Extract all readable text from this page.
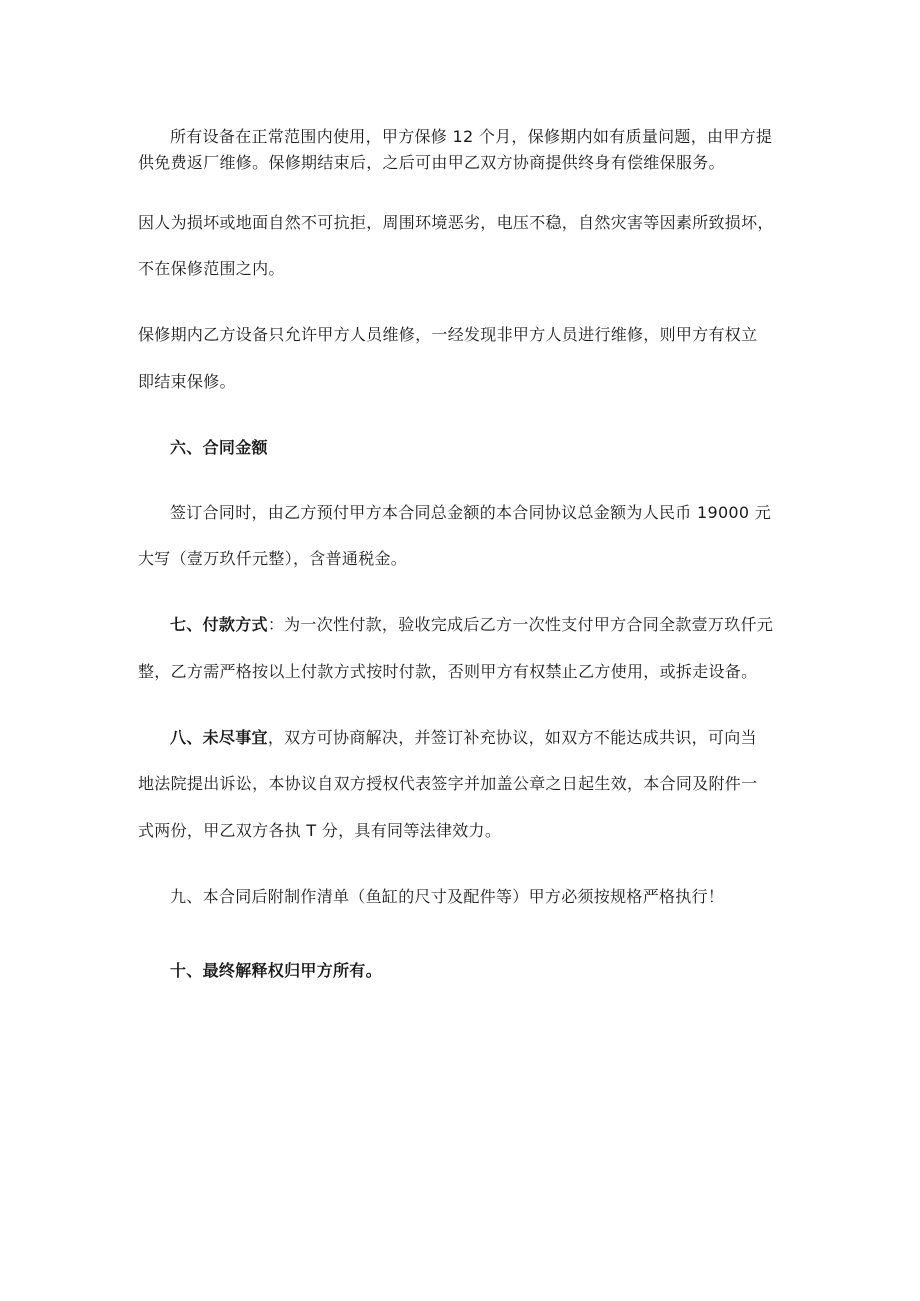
所有设备在正常范围内使用，甲方保修 12 个月，保修期内如有质量问题，由甲方提
供免费返厂维修。保修期结束后，之后可由甲乙双方协商提供终身有偿维保服务。
因人为损坏或地面自然不可抗拒，周围环境恶劣，电压不稳，自然灾害等因素所致损坏，
不在保修范围之内。
保修期内乙方设备只允许甲方人员维修，一经发现非甲方人员进行维修，则甲方有权立
即结束保修。
六、合同金额
签订合同时，由乙方预付甲方本合同总金额的本合同协议总金额为人民币 19000 元
大写（壹万玖仟元整），含普通税金。
七、付款方式：为一次性付款，验收完成后乙方一次性支付甲方合同全款壹万玖仟元
整，乙方需严格按以上付款方式按时付款，否则甲方有权禁止乙方使用，或拆走设备。
八、未尽事宜，双方可协商解决，并签订补充协议，如双方不能达成共识，可向当
地法院提出诉讼，本协议自双方授权代表签字并加盖公章之日起生效，本合同及附件一
式两份，甲乙双方各执 T 分，具有同等法律效力。
九、本合同后附制作清单（鱼缸的尺寸及配件等）甲方必须按规格严格执行！
十、最终解释权归甲方所有。
